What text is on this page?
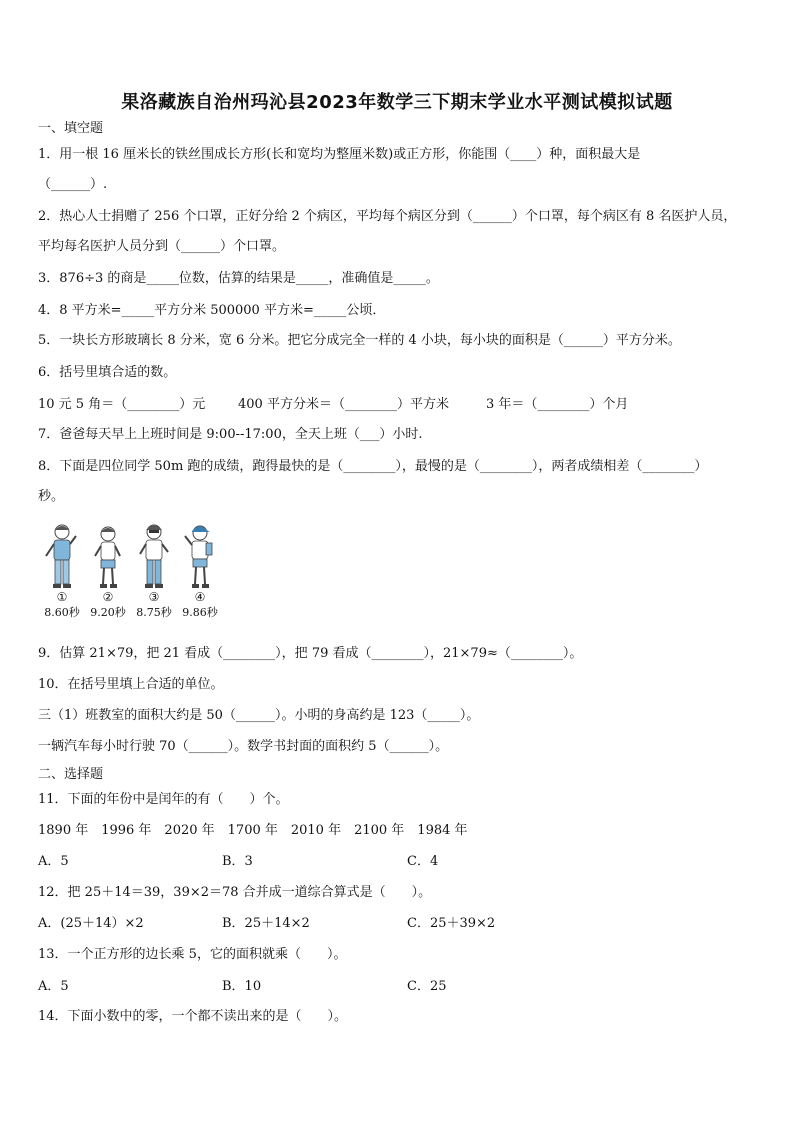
果洛藏族自治州玛沁县2023年数学三下期末学业水平测试模拟试题
一、填空题
1．用一根 16 厘米长的铁丝围成长方形(长和宽均为整厘米数)或正方形，你能围（____）种，面积最大是
（______）.
2．热心人士捐赠了 256 个口罩，正好分给 2 个病区，平均每个病区分到（______）个口罩，每个病区有 8 名医护人员，
平均每名医护人员分到（______）个口罩。
3．876÷3 的商是_____位数，估算的结果是_____，准确值是_____。
4．8 平方米=_____平方分米 500000 平方米=_____公顷．
5．一块长方形玻璃长 8 分米，宽 6 分米。把它分成完全一样的 4 小块，每小块的面积是（______）平方分米。
6．括号里填合适的数。
10 元 5 角＝（________）元	400 平方分米＝（________）平方米	3 年＝（________）个月
7．爸爸每天早上上班时间是 9:00--17:00，全天上班（___）小时.
8．下面是四位同学 50m 跑的成绩，跑得最快的是（________），最慢的是（________），两者成绩相差（________）
秒。
①	②	③	④
8.60秒 9.20秒 8.75秒 9.86秒
9．估算 21×79，把 21 看成（________），把 79 看成（________），21×79≈（________）。
10．在括号里填上合适的单位。
三（1）班教室的面积大约是 50（______）。小明的身高约是 123（_____）。
一辆汽车每小时行驶 70（______）。数学书封面的面积约 5（______）。
二、选择题
11．下面的年份中是闰年的有（　　）个。
1890 年　1996 年　2020 年　1700 年　2010 年　2100 年　1984 年
A．5	B．3	C．4
12．把 25＋14＝39，39×2＝78 合并成一道综合算式是（　　）。
A．(25＋14）×2	B．25＋14×2	C．25＋39×2
13．一个正方形的边长乘 5，它的面积就乘（　　）。
A．5	B．10	C．25
14．下面小数中的零，一个都不读出来的是（　　）。
